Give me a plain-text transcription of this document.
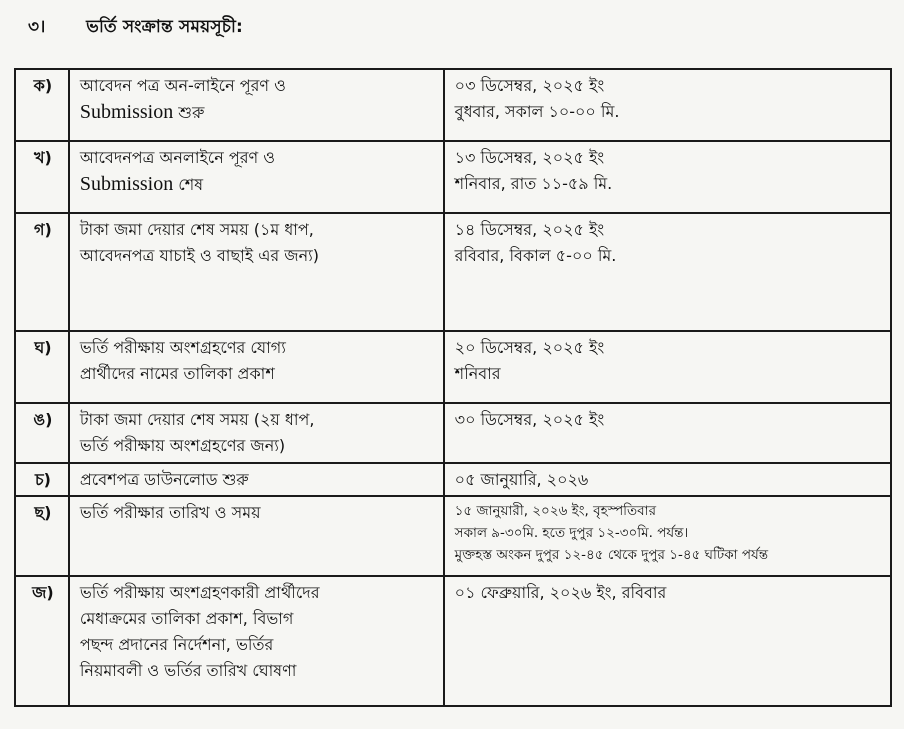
৩। ভর্তি সংক্রান্ত সময়সূচী:
ক)	আবেদন পত্র অন-লাইনে পূরণ ও
Submission শুরু	০৩ ডিসেম্বর, ২০২৫ ইং
বুধবার, সকাল ১০-০০ মি.

খ)	আবেদনপত্র অনলাইনে পূরণ ও
Submission শেষ	১৩ ডিসেম্বর, ২০২৫ ইং
শনিবার, রাত ১১-৫৯ মি.

গ)	টাকা জমা দেয়ার শেষ সময় (১ম ধাপ,
আবেদনপত্র যাচাই ও বাছাই এর জন্য)	১৪ ডিসেম্বর, ২০২৫ ইং
রবিবার, বিকাল ৫-০০ মি.

ঘ)	ভর্তি পরীক্ষায় অংশগ্রহণের যোগ্য
প্রার্থীদের নামের তালিকা প্রকাশ	২০ ডিসেম্বর, ২০২৫ ইং
শনিবার

ঙ)	টাকা জমা দেয়ার শেষ সময় (২য় ধাপ,
ভর্তি পরীক্ষায় অংশগ্রহণের জন্য)	৩০ ডিসেম্বর, ২০২৫ ইং

চ)	প্রবেশপত্র ডাউনলোড শুরু	০৫ জানুয়ারি, ২০২৬

ছ)	ভর্তি পরীক্ষার তারিখ ও সময়	১৫ জানুয়ারী, ২০২৬ ইং, বৃহস্পতিবার
সকাল ৯-৩০মি. হতে দুপুর ১২-৩০মি. পর্যন্ত।
মুক্তহস্ত অংকন দুপুর ১২-৪৫ থেকে দুপুর ১-৪৫ ঘটিকা পর্যন্ত

জ)	ভর্তি পরীক্ষায় অংশগ্রহণকারী প্রার্থীদের
মেধাক্রমের তালিকা প্রকাশ, বিভাগ
পছন্দ প্রদানের নির্দেশনা, ভর্তির
নিয়মাবলী ও ভর্তির তারিখ ঘোষণা	০১ ফেব্রুয়ারি, ২০২৬ ইং, রবিবার
